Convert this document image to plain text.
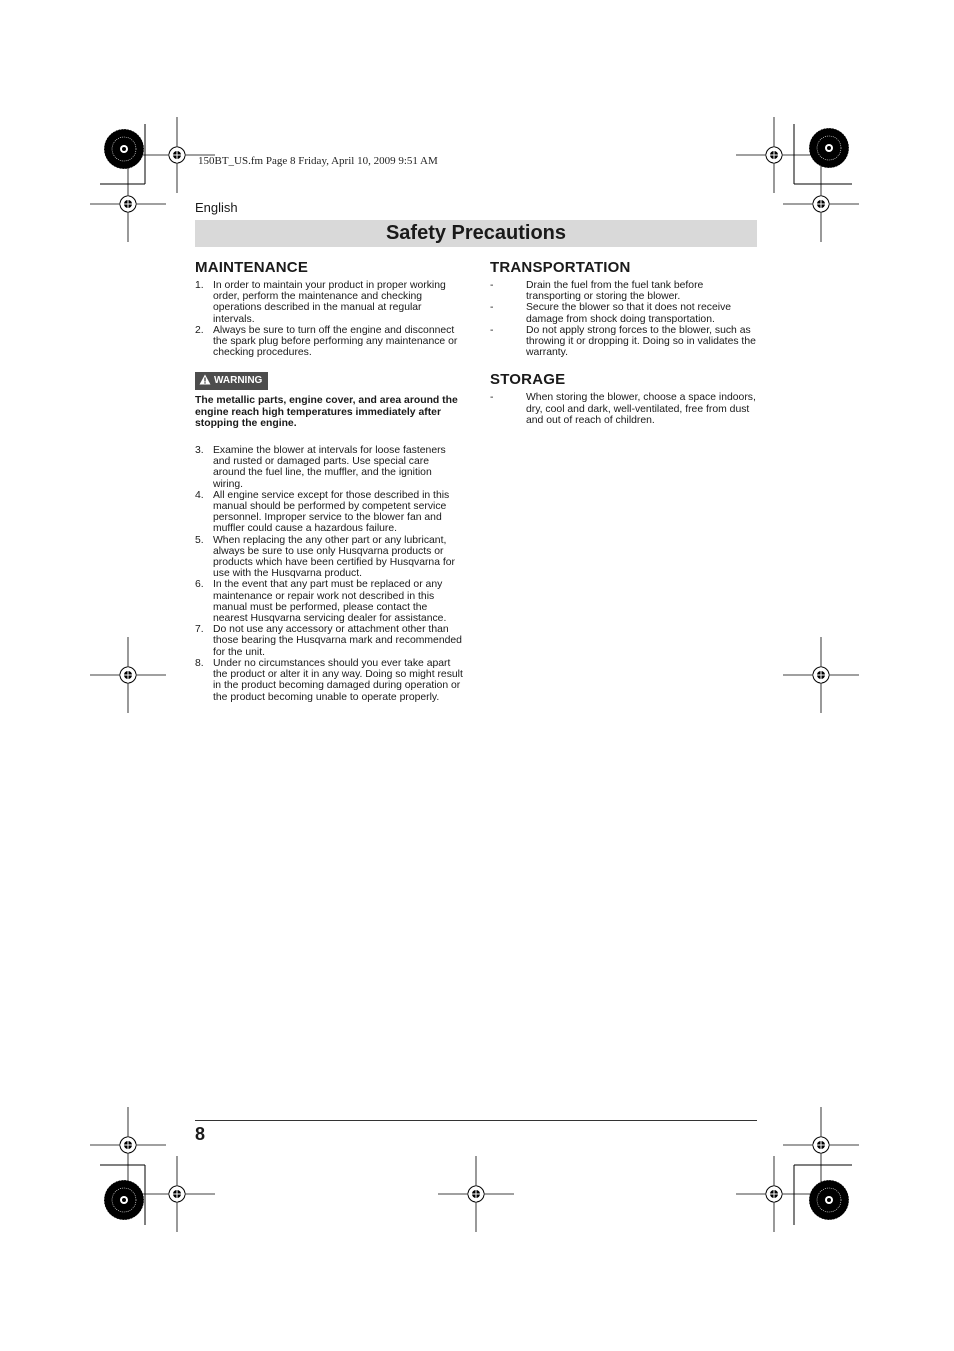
150BT_US.fm Page 8 Friday, April 10, 2009 9:51 AM
English
Safety Precautions
MAINTENANCE
1. In order to maintain your product in proper working order, perform the maintenance and checking operations described in the manual at regular intervals.
2. Always be sure to turn off the engine and disconnect the spark plug before performing any maintenance or checking procedures.
WARNING
The metallic parts, engine cover, and area around the engine reach high temperatures immediately after stopping the engine.
3. Examine the blower at intervals for loose fasteners and rusted or damaged parts. Use special care around the fuel line, the muffler, and the ignition wiring.
4. All engine service except for those described in this manual should be performed by competent service personnel. Improper service to the blower fan and muffler could cause a hazardous failure.
5. When replacing the any other part or any lubricant, always be sure to use only Husqvarna products or products which have been certified by Husqvarna for use with the Husqvarna product.
6. In the event that any part must be replaced or any maintenance or repair work not described in this manual must be performed, please contact the nearest Husqvarna servicing dealer for assistance.
7. Do not use any accessory or attachment other than those bearing the Husqvarna mark and recommended for the unit.
8. Under no circumstances should you ever take apart the product or alter it in any way. Doing so might result in the product becoming damaged during operation or the product becoming unable to operate properly.
TRANSPORTATION
-	Drain the fuel from the fuel tank before transporting or storing the blower.
-	Secure the blower so that it does not receive damage from shock doing transportation.
-	Do not apply strong forces to the blower, such as throwing it or dropping it. Doing so in validates the warranty.
STORAGE
-	When storing the blower, choose a space indoors, dry, cool and dark, well-ventilated, free from dust and out of reach of children.
8
